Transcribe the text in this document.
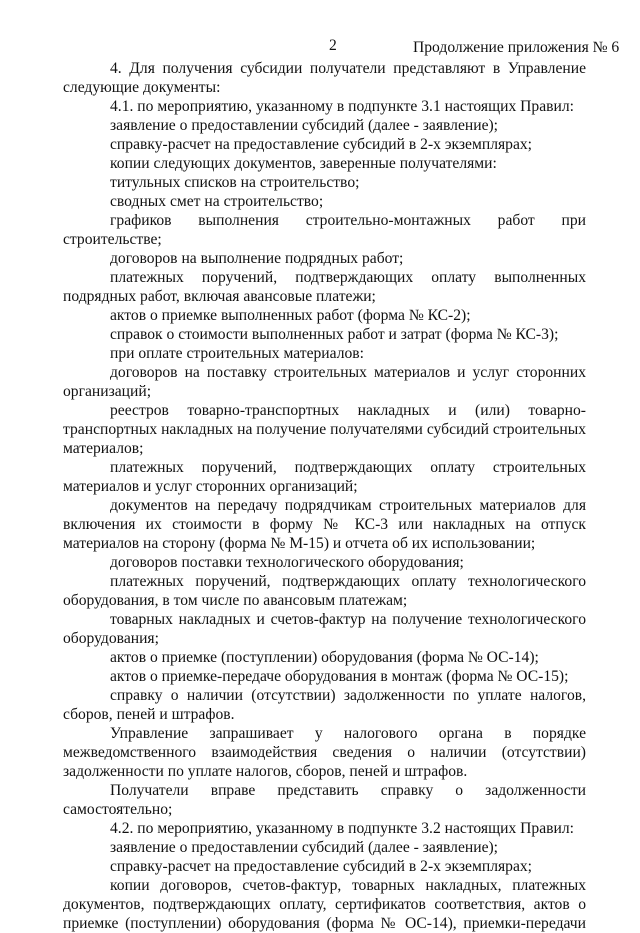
2	Продолжение приложения № 6

4. Для получения субсидии получатели представляют в Управление следующие документы:

4.1. по мероприятию, указанному в подпункте 3.1 настоящих Правил:

заявление о предоставлении субсидий (далее - заявление);

справку-расчет на предоставление субсидий в 2-х экземплярах;

копии следующих документов, заверенные получателями:

титульных списков на строительство;

сводных смет на строительство;

графиков выполнения строительно-монтажных работ при строительстве;

договоров на выполнение подрядных работ;

платежных поручений, подтверждающих оплату выполненных подрядных работ, включая авансовые платежи;

актов о приемке выполненных работ (форма № КС-2);

справок о стоимости выполненных работ и затрат (форма № КС-3);

при оплате строительных материалов:

договоров на поставку строительных материалов и услуг сторонних организаций;

реестров товарно-транспортных накладных и (или) товарно-транспортных накладных на получение получателями субсидий строительных материалов;

платежных поручений, подтверждающих оплату строительных материалов и услуг сторонних организаций;

документов на передачу подрядчикам строительных материалов для включения их стоимости в форму № КС-3 или накладных на отпуск материалов на сторону (форма № М-15) и отчета об их использовании;

договоров поставки технологического оборудования;

платежных поручений, подтверждающих оплату технологического оборудования, в том числе по авансовым платежам;

товарных накладных и счетов-фактур на получение технологического оборудования;

актов о приемке (поступлении) оборудования (форма № ОС-14);

актов о приемке-передаче оборудования в монтаж (форма № ОС-15);

справку о наличии (отсутствии) задолженности по уплате налогов, сборов, пеней и штрафов.

Управление запрашивает у налогового органа в порядке межведомственного взаимодействия сведения о наличии (отсутствии) задолженности по уплате налогов, сборов, пеней и штрафов.

Получатели вправе представить справку о задолженности самостоятельно;

4.2. по мероприятию, указанному в подпункте 3.2 настоящих Правил:

заявление о предоставлении субсидий (далее - заявление);

справку-расчет на предоставление субсидий в 2-х экземплярах;

копии договоров, счетов-фактур, товарных накладных, платежных документов, подтверждающих оплату, сертификатов соответствия, актов о приемке (поступлении) оборудования (форма № ОС-14), приемки-передачи
